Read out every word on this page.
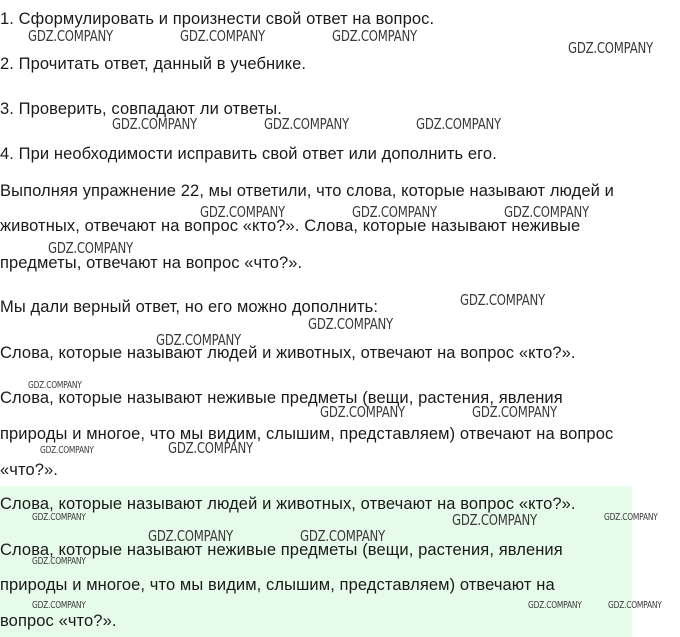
1. Сформулировать и произнести свой ответ на вопрос.
2. Прочитать ответ, данный в учебнике.
3. Проверить, совпадают ли ответы.
4. При необходимости исправить свой ответ или дополнить его.
Выполняя упражнение 22, мы ответили, что слова, которые называют людей и
животных, отвечают на вопрос «кто?». Слова, которые называют неживые
предметы, отвечают на вопрос «что?».
Мы дали верный ответ, но его можно дополнить:
Слова, которые называют людей и животных, отвечают на вопрос «кто?».
Слова, которые называют неживые предметы (вещи, растения, явления
природы и многое, что мы видим, слышим, представляем) отвечают на вопрос
«что?».
Слова, которые называют людей и животных, отвечают на вопрос «кто?».
Слова, которые называют неживые предметы (вещи, растения, явления
природы и многое, что мы видим, слышим, представляем) отвечают на
вопрос «что?».
GDZ.COMPANY	GDZ.COMPANY	GDZ.COMPANY
GDZ.COMPANY
GDZ.COMPANY	GDZ.COMPANY	GDZ.COMPANY
GDZ.COMPANY	GDZ.COMPANY	GDZ.COMPANY
GDZ.COMPANY
GDZ.COMPANY
GDZ.COMPANY
GDZ.COMPANY
GDZ.COMPANY	GDZ.COMPANY
GDZ.COMPANY
GDZ.COMPANY
GDZ.COMPANY	GDZ.COMPANY
GDZ.COMPANY
GDZ.COMPANY
GDZ.COMPANY	GDZ.COMPANY
GDZ.COMPANY
GDZ.COMPANY	GDZ.COMPANY	GDZ.COMPANY
